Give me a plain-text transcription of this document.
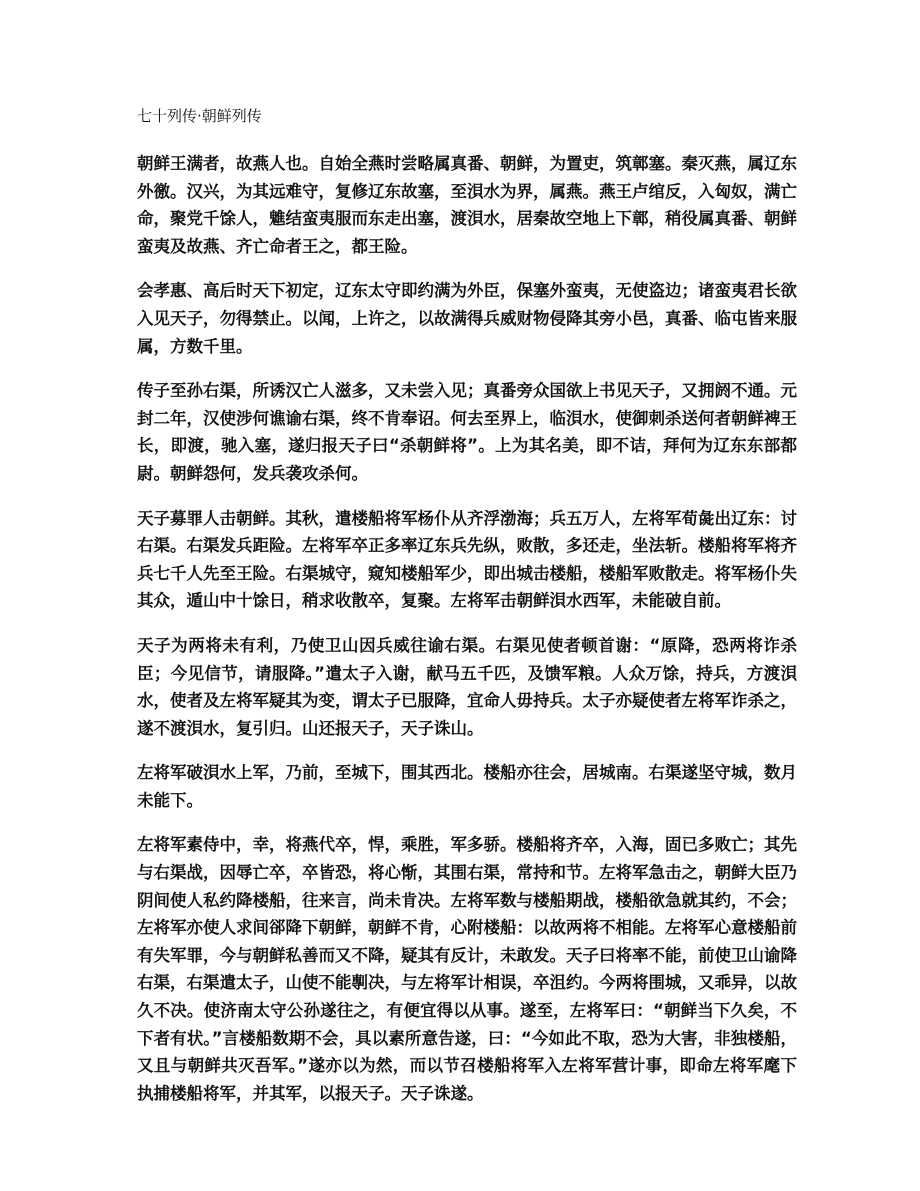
七十列传·朝鲜列传

朝鲜王满者，故燕人也。自始全燕时尝略属真番、朝鲜，为置吏，筑鄣塞。秦灭燕，属辽东外徼。汉兴，为其远难守，复修辽东故塞，至浿水为界，属燕。燕王卢绾反，入匈奴，满亡命，聚党千馀人，魋结蛮夷服而东走出塞，渡浿水，居秦故空地上下鄣，稍役属真番、朝鲜蛮夷及故燕、齐亡命者王之，都王险。

会孝惠、高后时天下初定，辽东太守即约满为外臣，保塞外蛮夷，无使盗边；诸蛮夷君长欲入见天子，勿得禁止。以闻，上许之，以故满得兵威财物侵降其旁小邑，真番、临屯皆来服属，方数千里。

传子至孙右渠，所诱汉亡人滋多，又未尝入见；真番旁众国欲上书见天子，又拥阏不通。元封二年，汉使涉何谯谕右渠，终不肯奉诏。何去至界上，临浿水，使御刺杀送何者朝鲜裨王长，即渡，驰入塞，遂归报天子曰“杀朝鲜将”。上为其名美，即不诘，拜何为辽东东部都尉。朝鲜怨何，发兵袭攻杀何。

天子募罪人击朝鲜。其秋，遣楼船将军杨仆从齐浮渤海；兵五万人，左将军荀彘出辽东：讨右渠。右渠发兵距险。左将军卒正多率辽东兵先纵，败散，多还走，坐法斩。楼船将军将齐兵七千人先至王险。右渠城守，窥知楼船军少，即出城击楼船，楼船军败散走。将军杨仆失其众，遁山中十馀日，稍求收散卒，复聚。左将军击朝鲜浿水西军，未能破自前。

天子为两将未有利，乃使卫山因兵威往谕右渠。右渠见使者顿首谢：“原降，恐两将诈杀臣；今见信节，请服降。”遣太子入谢，献马五千匹，及馈军粮。人众万馀，持兵，方渡浿水，使者及左将军疑其为变，谓太子已服降，宜命人毋持兵。太子亦疑使者左将军诈杀之，遂不渡浿水，复引归。山还报天子，天子诛山。

左将军破浿水上军，乃前，至城下，围其西北。楼船亦往会，居城南。右渠遂坚守城，数月未能下。

左将军素侍中，幸，将燕代卒，悍，乘胜，军多骄。楼船将齐卒，入海，固已多败亡；其先与右渠战，因辱亡卒，卒皆恐，将心惭，其围右渠，常持和节。左将军急击之，朝鲜大臣乃阴间使人私约降楼船，往来言，尚未肯决。左将军数与楼船期战，楼船欲急就其约，不会；左将军亦使人求间郤降下朝鲜，朝鲜不肯，心附楼船：以故两将不相能。左将军心意楼船前有失军罪，今与朝鲜私善而又不降，疑其有反计，未敢发。天子曰将率不能，前使卫山谕降右渠，右渠遣太子，山使不能剸决，与左将军计相误，卒沮约。今两将围城，又乖异，以故久不决。使济南太守公孙遂往之，有便宜得以从事。遂至，左将军曰：“朝鲜当下久矣，不下者有状。”言楼船数期不会，具以素所意告遂，曰：“今如此不取，恐为大害，非独楼船，又且与朝鲜共灭吾军。”遂亦以为然，而以节召楼船将军入左将军营计事，即命左将军麾下执捕楼船将军，并其军，以报天子。天子诛遂。
